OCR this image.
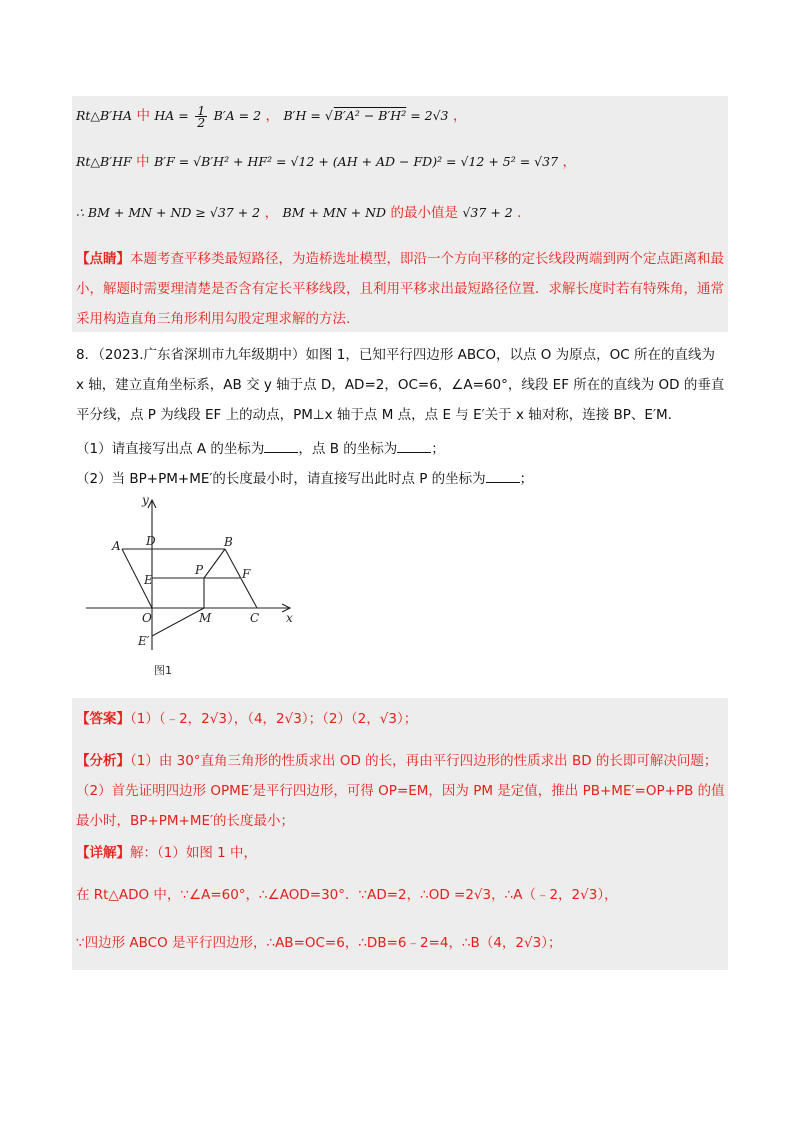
Rt△B′HA 中 HA = $\frac{1}{2} B'A = 2$ ， B′H = √B′A² − B′H² = 2√3 ，
Rt△B′HF 中 B′F = √B′H² + HF² = √12 + (AH + AD − FD)² = √12 + 5² = √37 ，
∴ BM + MN + ND ≥ √37 + 2 ， BM + MN + ND 的最小值是 √37 + 2 .
【点睛】本题考查平移类最短路径，为造桥选址模型，即沿一个方向平移的定长线段两端到两个定点距离和最小，解题时需要理清楚是否含有定长平移线段，且利用平移求出最短路径位置．求解长度时若有特殊角，通常采用构造直角三角形利用勾股定理求解的方法.
8．（2023.广东省深圳市九年级期中）如图 1，已知平行四边形 ABCO，以点 O 为原点，OC 所在的直线为 x 轴，建立直角坐标系，AB 交 y 轴于点 D，AD=2，OC=6，∠A=60°，线段 EF 所在的直线为 OD 的垂直平分线，点 P 为线段 EF 上的动点，PM⊥x 轴于点 M 点，点 E 与 E′关于 x 轴对称，连接 BP、E′M．
（1）请直接写出点 A 的坐标为	，点 B 的坐标为	；
（2）当 BP+PM+ME′的长度最小时，请直接写出此时点 P 的坐标为	；
y
x
A D	B
E
P	F
O	M	C
E′
图1
【答案】（1）（﹣2，2√3），（4，2√3）；（2）（2，√3）；
【分析】（1）由 30°直角三角形的性质求出 OD 的长，再由平行四边形的性质求出 BD 的长即可解决问题；（2）首先证明四边形 OPME′是平行四边形，可得 OP=EM，因为 PM 是定值，推出 PB+ME′=OP+PB 的值最小时，BP+PM+ME′的长度最小；
【详解】解：（1）如图 1 中，
在 Rt△ADO 中，∵∠A=60°，∴∠AOD=30°．∵AD=2，∴OD =2√3，∴A（﹣2，2√3），
∵四边形 ABCO 是平行四边形，∴AB=OC=6，∴DB=6﹣2=4，∴B（4，2√3）；
